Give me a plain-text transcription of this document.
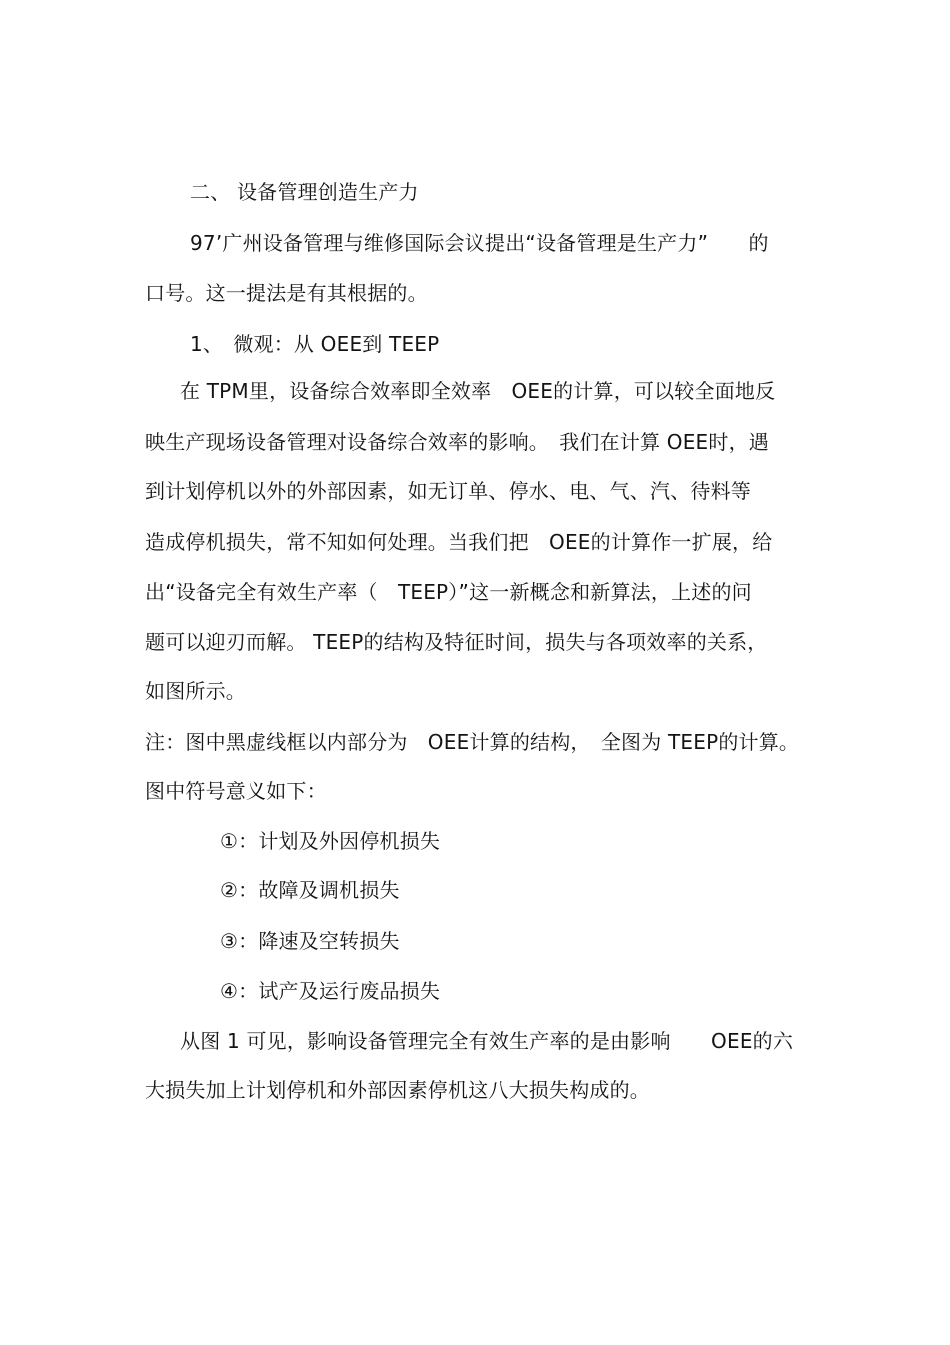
二、 设备管理创造生产力
97’广州设备管理与维修国际会议提出“设备管理是生产力”　　的
口号。这一提法是有其根据的。
1、　微观：从 OEE到 TEEP
在 TPM里，设备综合效率即全效率　OEE的计算，可以较全面地反
映生产现场设备管理对设备综合效率的影响。　我们在计算 OEE时，遇
到计划停机以外的外部因素，如无订单、停水、电、气、汽、待料等
造成停机损失，常不知如何处理。当我们把　OEE的计算作一扩展，给
出“设备完全有效生产率（　TEEP）”这一新概念和新算法，上述的问
题可以迎刃而解。 TEEP的结构及特征时间，损失与各项效率的关系，
如图所示。
注：图中黑虚线框以内部分为　OEE计算的结构，　全图为 TEEP的计算。
图中符号意义如下：
①：计划及外因停机损失
②：故障及调机损失
③：降速及空转损失
④：试产及运行废品损失
从图 1 可见，影响设备管理完全有效生产率的是由影响　　OEE的六
大损失加上计划停机和外部因素停机这八大损失构成的。
